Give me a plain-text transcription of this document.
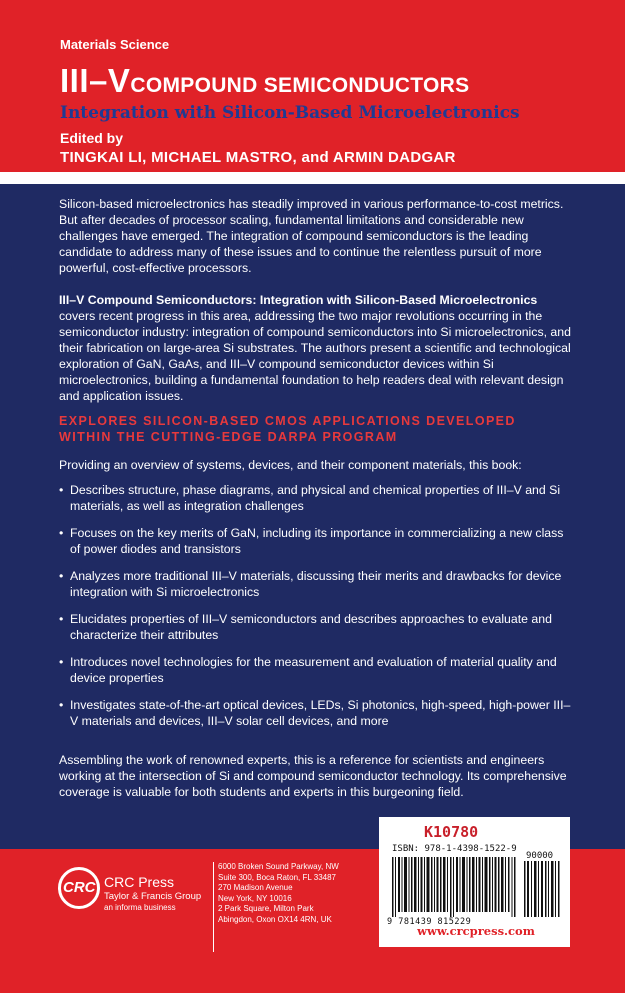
Materials Science
III–VCOMPOUND SEMICONDUCTORS
Integration with Silicon-Based Microelectronics
Edited by
TINGKAI LI, MICHAEL MASTRO, and ARMIN DADGAR

Silicon-based microelectronics has steadily improved in various performance-to-cost metrics. But after decades of processor scaling, fundamental limitations and considerable new challenges have emerged. The integration of compound semiconductors is the leading candidate to address many of these issues and to continue the relentless pursuit of more powerful, cost-effective processors.

III–V Compound Semiconductors: Integration with Silicon-Based Microelectronics covers recent progress in this area, addressing the two major revolutions occurring in the semiconductor industry: integration of compound semiconductors into Si microelectronics, and their fabrication on large-area Si substrates. The authors present a scientific and technological exploration of GaN, GaAs, and III–V compound semiconductor devices within Si microelectronics, building a fundamental foundation to help readers deal with relevant design and application issues.

EXPLORES SILICON-BASED CMOS APPLICATIONS DEVELOPED WITHIN THE CUTTING-EDGE DARPA PROGRAM
Providing an overview of systems, devices, and their component materials, this book:
• Describes structure, phase diagrams, and physical and chemical properties of III–V and Si materials, as well as integration challenges
• Focuses on the key merits of GaN, including its importance in commercializing a new class of power diodes and transistors
• Analyzes more traditional III–V materials, discussing their merits and drawbacks for device integration with Si microelectronics
• Elucidates properties of III–V semiconductors and describes approaches to evaluate and characterize their attributes
• Introduces novel technologies for the measurement and evaluation of material quality and device properties
• Investigates state-of-the-art optical devices, LEDs, Si photonics, high-speed, high-power III–V materials and devices, III–V solar cell devices, and more

Assembling the work of renowned experts, this is a reference for scientists and engineers working at the intersection of Si and compound semiconductor technology. Its comprehensive coverage is valuable for both students and experts in this burgeoning field.

CRC CRC Press
Taylor & Francis Group
an informa business
6000 Broken Sound Parkway, NW
Suite 300, Boca Raton, FL 33487
270 Madison Avenue
New York, NY 10016
2 Park Square, Milton Park
Abingdon, Oxon OX14 4RN, UK
K10780
ISBN: 978-1-4398-1522-9
90000
9 781439 815229
www.crcpress.com
